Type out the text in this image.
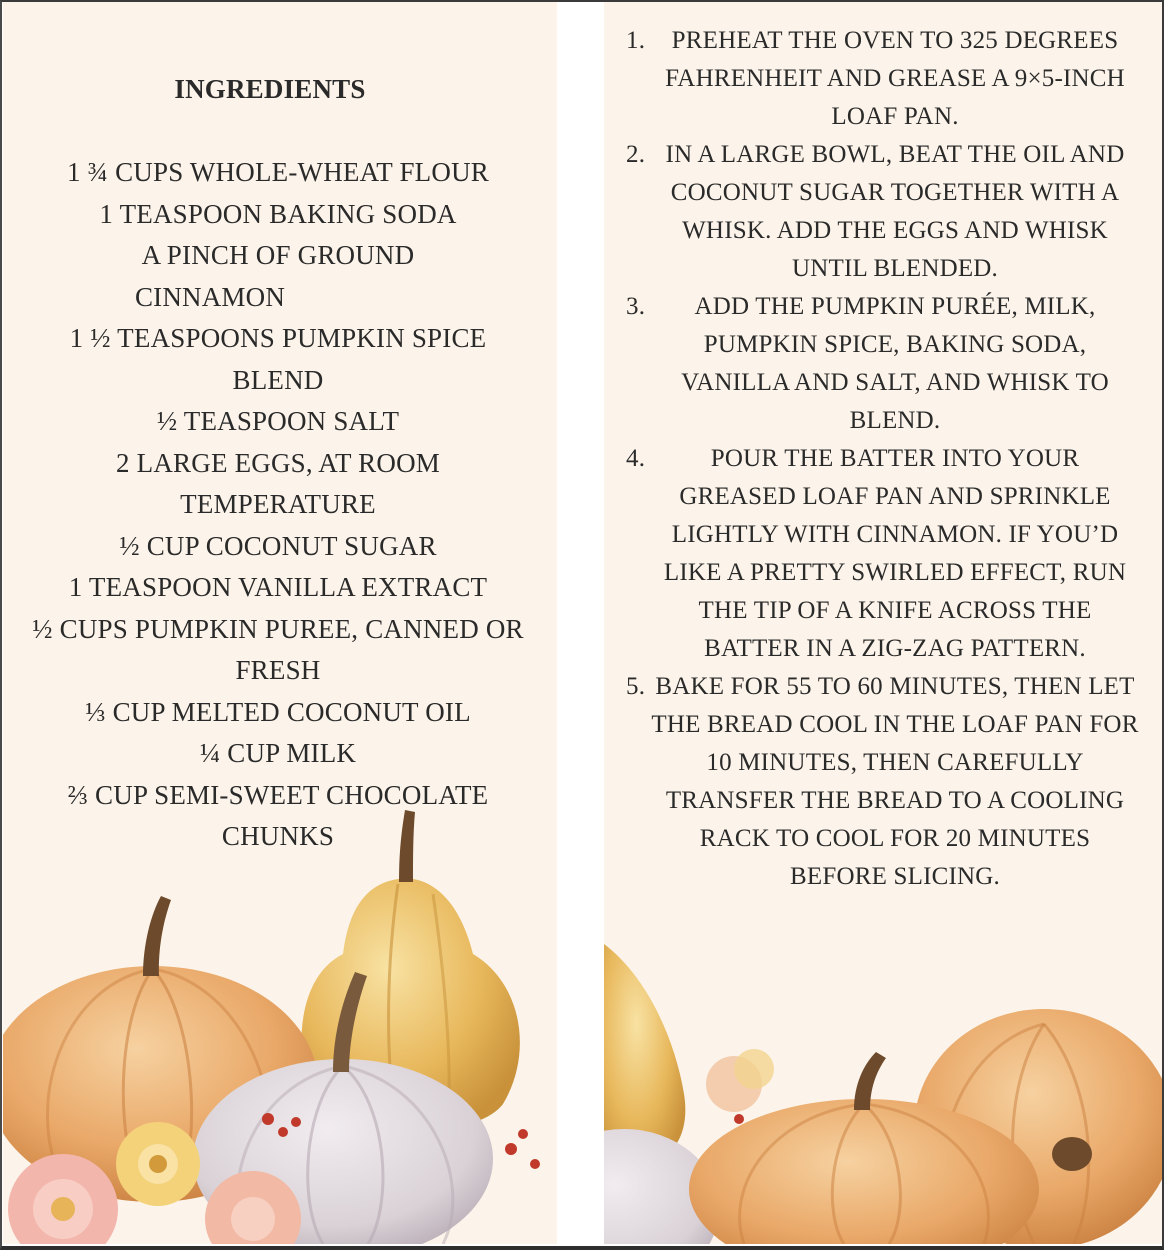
INGREDIENTS
1 ¾ CUPS WHOLE-WHEAT FLOUR
1 TEASPOON BAKING SODA
A PINCH OF GROUND
CINNAMON
1 ½ TEASPOONS PUMPKIN SPICE
BLEND
½ TEASPOON SALT
2 LARGE EGGS, AT ROOM
TEMPERATURE
½ CUP COCONUT SUGAR
1 TEASPOON VANILLA EXTRACT
½ CUPS PUMPKIN PUREE, CANNED OR
FRESH
⅓ CUP MELTED COCONUT OIL
¼ CUP MILK
⅔ CUP SEMI-SWEET CHOCOLATE
CHUNKS
1.	PREHEAT THE OVEN TO 325 DEGREES FAHRENHEIT AND GREASE A 9×5-INCH LOAF PAN.
2. IN A LARGE BOWL, BEAT THE OIL AND COCONUT SUGAR TOGETHER WITH A WHISK. ADD THE EGGS AND WHISK UNTIL BLENDED.
3.	ADD THE PUMPKIN PURÉE, MILK, PUMPKIN SPICE, BAKING SODA, VANILLA AND SALT, AND WHISK TO BLEND.
4.	POUR THE BATTER INTO YOUR GREASED LOAF PAN AND SPRINKLE LIGHTLY WITH CINNAMON. IF YOU’D LIKE A PRETTY SWIRLED EFFECT, RUN THE TIP OF A KNIFE ACROSS THE BATTER IN A ZIG-ZAG PATTERN.
5. BAKE FOR 55 TO 60 MINUTES, THEN LET THE BREAD COOL IN THE LOAF PAN FOR 10 MINUTES, THEN CAREFULLY TRANSFER THE BREAD TO A COOLING RACK TO COOL FOR 20 MINUTES BEFORE SLICING.
